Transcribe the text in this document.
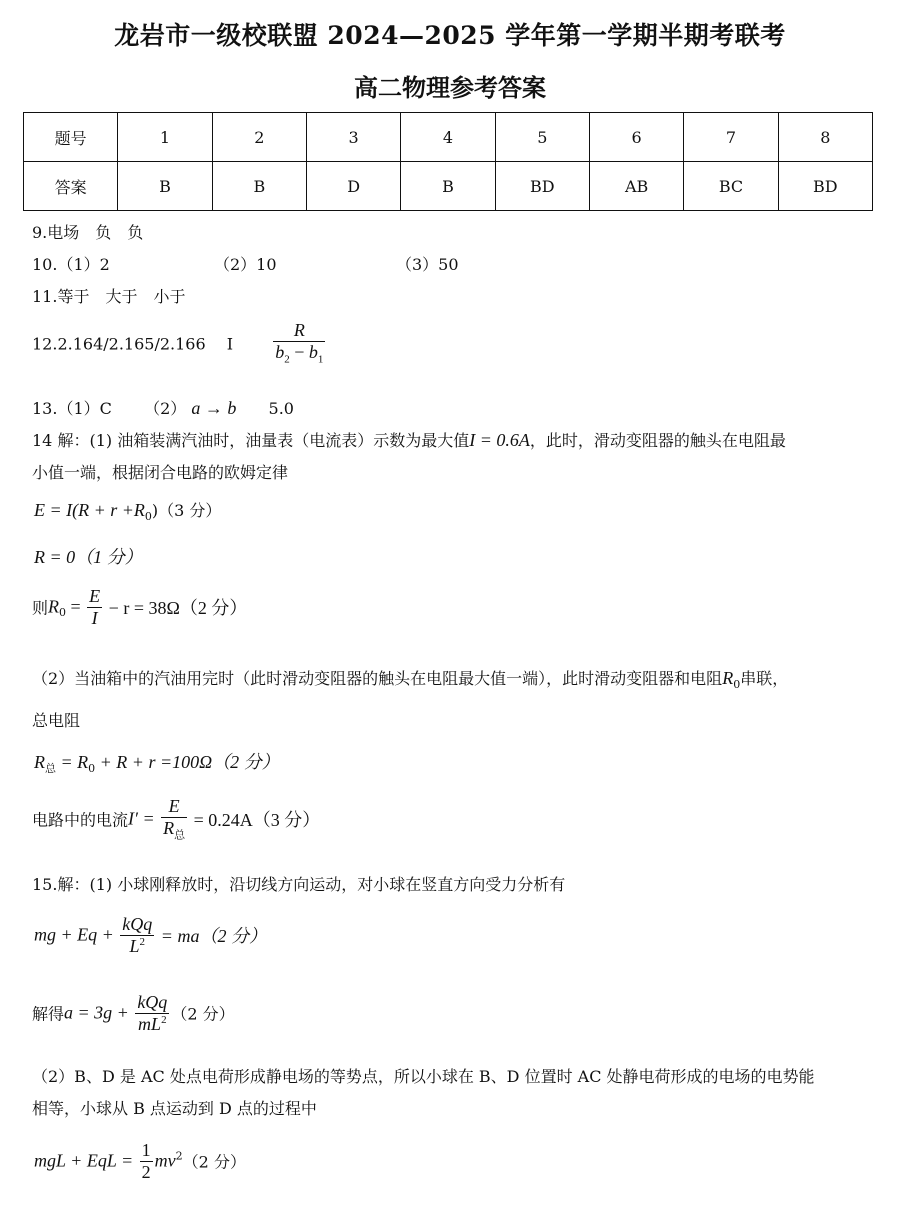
龙岩市一级校联盟 2024—2025 学年第一学期半期考联考
高二物理参考答案
题号	1	2	3	4	5	6	7	8
答案	B	B	D	B	BD	AB	BC	BD
9.电场　负　负
10.（1）2	（2）10	（3）50
11.等于　大于　小于
12.2.164/2.165/2.166　 I $\frac{R}{b_2 - b_1}$
13.（1）C （2） a → b 5.0
14 解：(1) 油箱装满汽油时，油量表（电流表）示数为最大值I = 0.6A，此时，滑动变阻器的触头在电阻最
小值一端，根据闭合电路的欧姆定律
$E = I(R + r +R_0)(3$ 分）
R = 0（1 分）
则$R_0 = \frac{E}{I} - r = 38\Omega(2$ 分）
（2）当油箱中的汽油用完时（此时滑动变阻器的触头在电阻最大值一端），此时滑动变阻器和电阻$R_0$串联，
总电阻
$R_总 = R_0 + R + r =100\Omega(2$ 分）
电路中的电流$I' = \frac{E}{R_总} = 0.24A(3$ 分）
15.解：(1) 小球刚释放时，沿切线方向运动，对小球在竖直方向受力分析有
mg + $Eq + \frac{\text{kQq}}{L^2} = ma(2$ 分）
解得$a = 3g + \frac{\text{kQq}}{mL^2} (2$ 分）
（2）B、D 是 AC 处点电荷形成静电场的等势点，所以小球在 B、D 位置时 AC 处静电荷形成的电场的电势能
相等，小球从 B 点运动到 D 点的过程中
mgL + EqL = $\frac{1}{2} mv^2(2$ 分）
